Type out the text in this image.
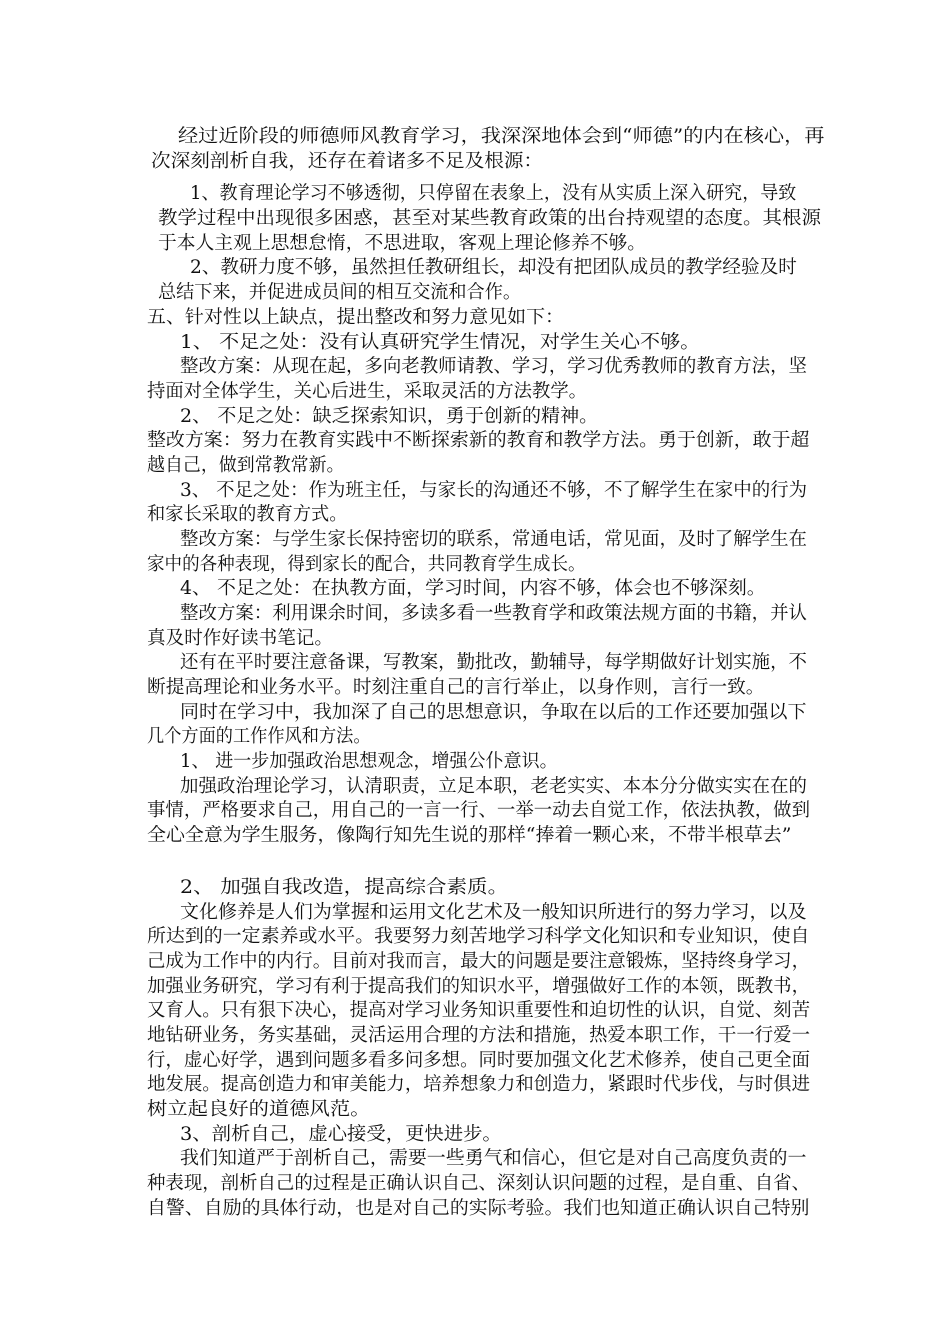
经过近阶段的师德师风教育学习，我深深地体会到“师德”的内在核心，再

次深刻剖析自我，还存在着诸多不足及根源：

1、教育理论学习不够透彻，只停留在表象上，没有从实质上深入研究，导致

教学过程中出现很多困惑，甚至对某些教育政策的出台持观望的态度。其根源

于本人主观上思想怠惰，不思进取，客观上理论修养不够。

2、教研力度不够，虽然担任教研组长，却没有把团队成员的教学经验及时

总结下来，并促进成员间的相互交流和合作。

五、针对性以上缺点，提出整改和努力意见如下：

1、 不足之处：没有认真研究学生情况，对学生关心不够。

整改方案：从现在起，多向老教师请教、学习，学习优秀教师的教育方法，坚

持面对全体学生，关心后进生，采取灵活的方法教学。

2、 不足之处：缺乏探索知识，勇于创新的精神。

整改方案：努力在教育实践中不断探索新的教育和教学方法。勇于创新，敢于超

越自己，做到常教常新。

3、 不足之处：作为班主任，与家长的沟通还不够，不了解学生在家中的行为

和家长采取的教育方式。

整改方案：与学生家长保持密切的联系，常通电话，常见面，及时了解学生在

家中的各种表现，得到家长的配合，共同教育学生成长。

4、 不足之处：在执教方面，学习时间，内容不够，体会也不够深刻。

整改方案：利用课余时间，多读多看一些教育学和政策法规方面的书籍，并认

真及时作好读书笔记。

还有在平时要注意备课，写教案，勤批改，勤辅导，每学期做好计划实施，不

断提高理论和业务水平。时刻注重自己的言行举止，以身作则，言行一致。

同时在学习中，我加深了自己的思想意识，争取在以后的工作还要加强以下

几个方面的工作作风和方法。

1、 进一步加强政治思想观念，增强公仆意识。

加强政治理论学习，认清职责，立足本职，老老实实、本本分分做实实在在的

事情，严格要求自己，用自己的一言一行、一举一动去自觉工作，依法执教，做到

全心全意为学生服务，像陶行知先生说的那样“捧着一颗心来，不带半根草去”

2、 加强自我改造，提高综合素质。

文化修养是人们为掌握和运用文化艺术及一般知识所进行的努力学习，以及

所达到的一定素养或水平。我要努力刻苦地学习科学文化知识和专业知识，使自

己成为工作中的内行。目前对我而言，最大的问题是要注意锻炼，坚持终身学习，

加强业务研究，学习有利于提高我们的知识水平，增强做好工作的本领，既教书，

又育人。只有狠下决心，提高对学习业务知识重要性和迫切性的认识，自觉、刻苦

地钻研业务，务实基础，灵活运用合理的方法和措施，热爱本职工作，干一行爱一

行，虚心好学，遇到问题多看多问多想。同时要加强文化艺术修养，使自己更全面

地发展。提高创造力和审美能力，培养想象力和创造力，紧跟时代步伐，与时俱进

树立起良好的道德风范。

3、剖析自己，虚心接受，更快进步。

我们知道严于剖析自己，需要一些勇气和信心，但它是对自己高度负责的一

种表现，剖析自己的过程是正确认识自己、深刻认识问题的过程，是自重、自省、

自警、自励的具体行动，也是对自己的实际考验。我们也知道正确认识自己特别
